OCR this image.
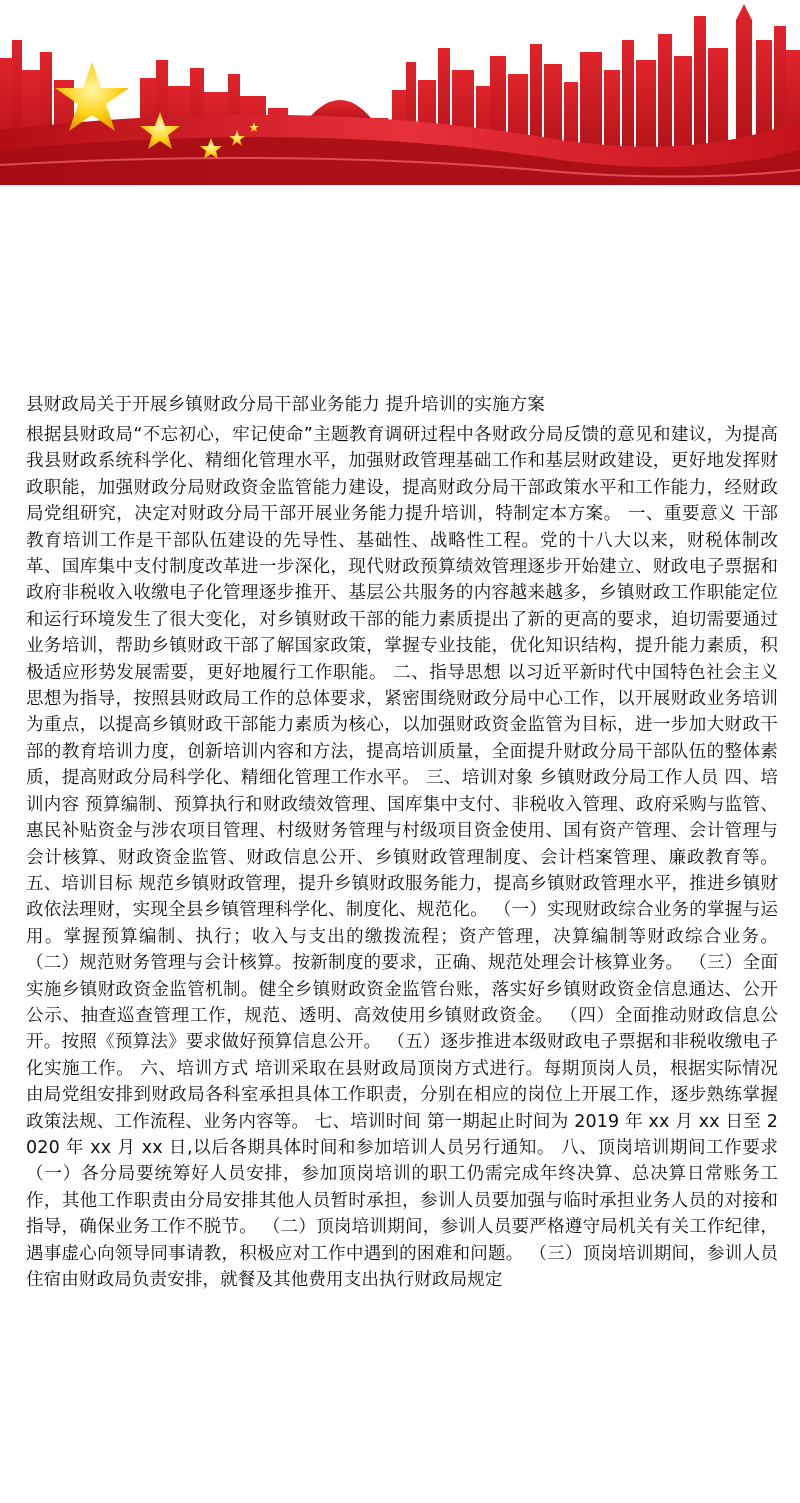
县财政局关于开展乡镇财政分局干部业务能力 提升培训的实施方案

根据县财政局“不忘初心，牢记使命”主题教育调研过程中各财政分局反馈的意见和建议，为提高我县财政系统科学化、精细化管理水平，加强财政管理基础工作和基层财政建设，更好地发挥财政职能，加强财政分局财政资金监管能力建设，提高财政分局干部政策水平和工作能力，经财政局党组研究，决定对财政分局干部开展业务能力提升培训，特制定本方案。 一、重要意义 干部教育培训工作是干部队伍建设的先导性、基础性、战略性工程。党的十八大以来，财税体制改革、国库集中支付制度改革进一步深化，现代财政预算绩效管理逐步开始建立、财政电子票据和政府非税收入收缴电子化管理逐步推开、基层公共服务的内容越来越多，乡镇财政工作职能定位和运行环境发生了很大变化，对乡镇财政干部的能力素质提出了新的更高的要求，迫切需要通过业务培训，帮助乡镇财政干部了解国家政策，掌握专业技能，优化知识结构，提升能力素质，积极适应形势发展需要，更好地履行工作职能。 二、指导思想 以习近平新时代中国特色社会主义思想为指导，按照县财政局工作的总体要求，紧密围绕财政分局中心工作，以开展财政业务培训为重点，以提高乡镇财政干部能力素质为核心，以加强财政资金监管为目标，进一步加大财政干部的教育培训力度，创新培训内容和方法，提高培训质量，全面提升财政分局干部队伍的整体素质，提高财政分局科学化、精细化管理工作水平。 三、培训对象 乡镇财政分局工作人员 四、培训内容 预算编制、预算执行和财政绩效管理、国库集中支付、非税收入管理、政府采购与监管、惠民补贴资金与涉农项目管理、村级财务管理与村级项目资金使用、国有资产管理、会计管理与会计核算、财政资金监管、财政信息公开、乡镇财政管理制度、会计档案管理、廉政教育等。 五、培训目标 规范乡镇财政管理，提升乡镇财政服务能力，提高乡镇财政管理水平，推进乡镇财政依法理财，实现全县乡镇管理科学化、制度化、规范化。 （一）实现财政综合业务的掌握与运用。掌握预算编制、执行；收入与支出的缴拨流程；资产管理，决算编制等财政综合业务。 （二）规范财务管理与会计核算。按新制度的要求，正确、规范处理会计核算业务。 （三）全面实施乡镇财政资金监管机制。健全乡镇财政资金监管台账，落实好乡镇财政资金信息通达、公开公示、抽查巡查管理工作，规范、透明、高效使用乡镇财政资金。 （四）全面推动财政信息公开。按照《预算法》要求做好预算信息公开。 （五）逐步推进本级财政电子票据和非税收缴电子化实施工作。 六、培训方式 培训采取在县财政局顶岗方式进行。每期顶岗人员，根据实际情况由局党组安排到财政局各科室承担具体工作职责，分别在相应的岗位上开展工作，逐步熟练掌握政策法规、工作流程、业务内容等。 七、培训时间 第一期起止时间为 2019 年 xx 月 xx 日至 2020 年 xx 月 xx 日,以后各期具体时间和参加培训人员另行通知。 八、顶岗培训期间工作要求 （一）各分局要统筹好人员安排，参加顶岗培训的职工仍需完成年终决算、总决算日常账务工作，其他工作职责由分局安排其他人员暂时承担，参训人员要加强与临时承担业务人员的对接和指导，确保业务工作不脱节。 （二）顶岗培训期间，参训人员要严格遵守局机关有关工作纪律，遇事虚心向领导同事请教，积极应对工作中遇到的困难和问题。 （三）顶岗培训期间，参训人员住宿由财政局负责安排，就餐及其他费用支出执行财政局规定
